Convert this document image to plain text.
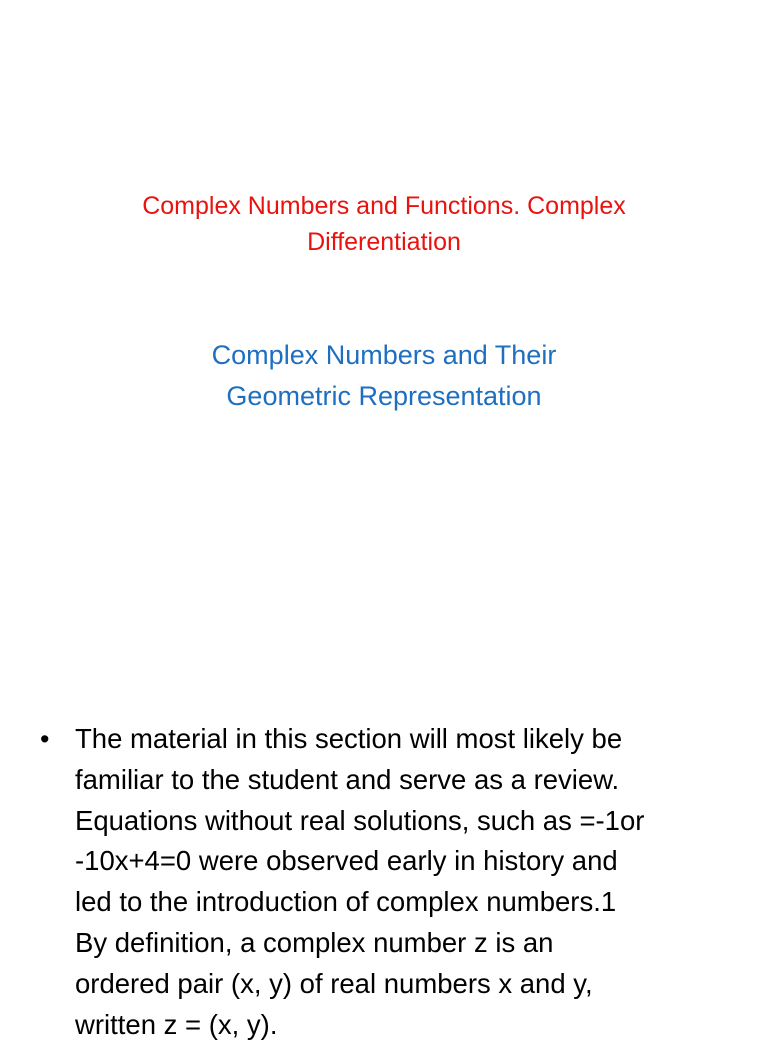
Complex Numbers and Functions. Complex
Differentiation
Complex Numbers and Their
Geometric Representation
• The material in this section will most likely be
familiar to the student and serve as a review.
Equations without real solutions, such as =-1or
-10x+4=0 were observed early in history and
led to the introduction of complex numbers.1
By definition, a complex number z is an
ordered pair (x, y) of real numbers x and y,
written z = (x, y).
